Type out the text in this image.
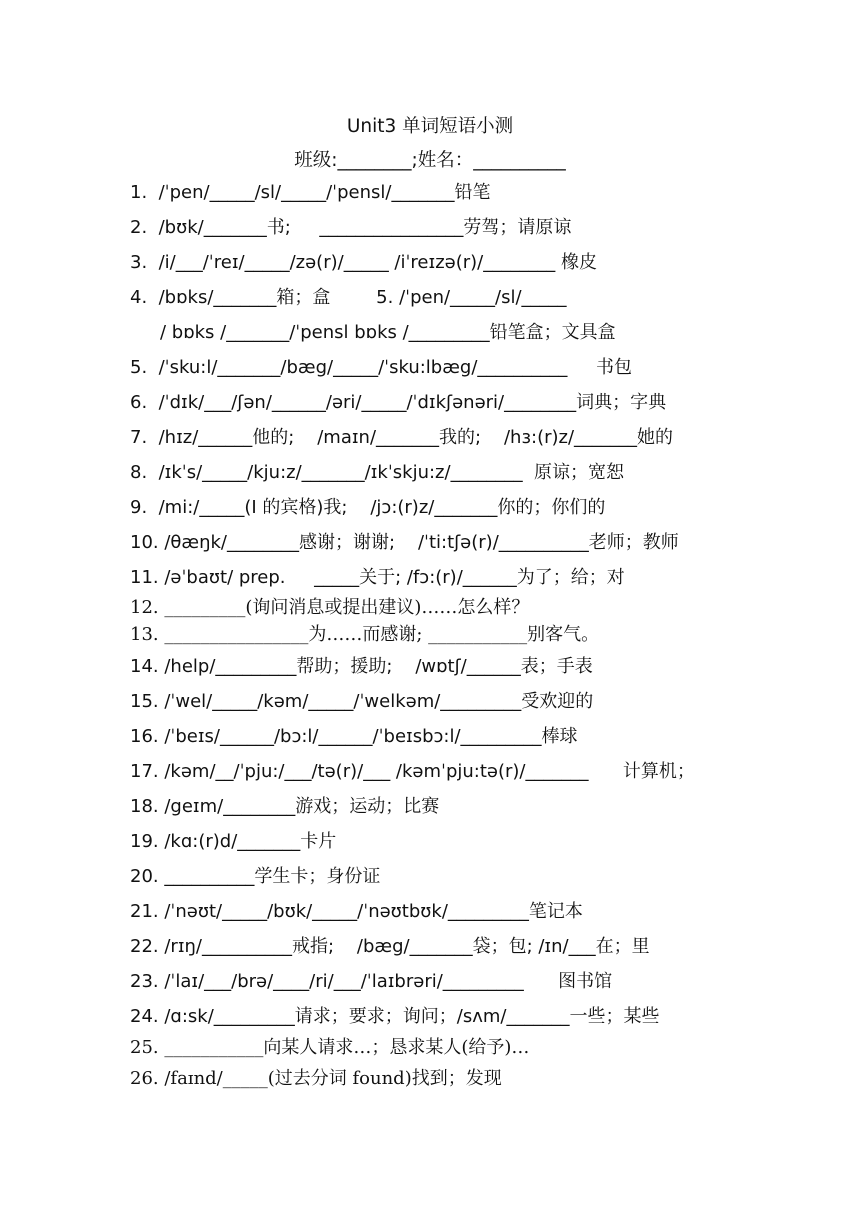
Unit3 单词短语小测
班级:________;姓名：__________
1.  /ˈpen/_____/sl/_____/ˈpensl/_______铅笔
2.  /bʊk/_______书;     ________________劳驾；请原谅
3.  /i/___/ˈreɪ/_____/zə(r)/_____ /iˈreɪzə(r)/________ 橡皮
4.  /bɒks/_______箱；盒        5. /ˈpen/_____/sl/_____
/ bɒks /_______/ˈpensl bɒks /_________铅笔盒；文具盒
5.  /ˈsku:l/_______/bæg/_____/ˈsku:lbæg/__________     书包
6.  /ˈdɪk/___/ʃən/______/əri/_____/ˈdɪkʃənəri/________词典；字典
7.  /hɪz/______他的;    /maɪn/_______我的;    /hɜ:(r)z/_______她的
8.  /ɪkˈs/_____/kju:z/_______/ɪkˈskju:z/________  原谅；宽恕
9.  /mi:/_____(I 的宾格)我;    /jɔ:(r)z/_______你的；你们的
10. /θæŋk/________感谢；谢谢;    /ˈti:tʃə(r)/__________老师；教师
11. /əˈbaʊt/ prep.     _____关于; /fɔ:(r)/______为了；给；对
12. _________(询问消息或提出建议)……怎么样？
13. ________________为……而感谢; ___________别客气。
14. /help/_________帮助；援助;    /wɒtʃ/______表；手表
15. /ˈwel/_____/kəm/_____/ˈwelkəm/_________受欢迎的
16. /ˈbeɪs/______/bɔ:l/______/ˈbeɪsbɔ:l/_________棒球
17. /kəm/__/ˈpju:/___/tə(r)/___ /kəmˈpju:tə(r)/_______      计算机；
18. /geɪm/________游戏；运动；比赛
19. /kɑ:(r)d/_______卡片
20. __________学生卡；身份证
21. /ˈnəʊt/_____/bʊk/_____/ˈnəʊtbʊk/_________笔记本
22. /rɪŋ/__________戒指;    /bæg/_______袋；包; /ɪn/___在；里
23. /ˈlaɪ/___/brə/____/ri/___/ˈlaɪbrəri/_________      图书馆
24. /ɑ:sk/_________请求；要求；询问；/sʌm/_______一些；某些
25. ___________向某人请求…；恳求某人(给予)…
26. /faɪnd/_____(过去分词 found)找到；发现
